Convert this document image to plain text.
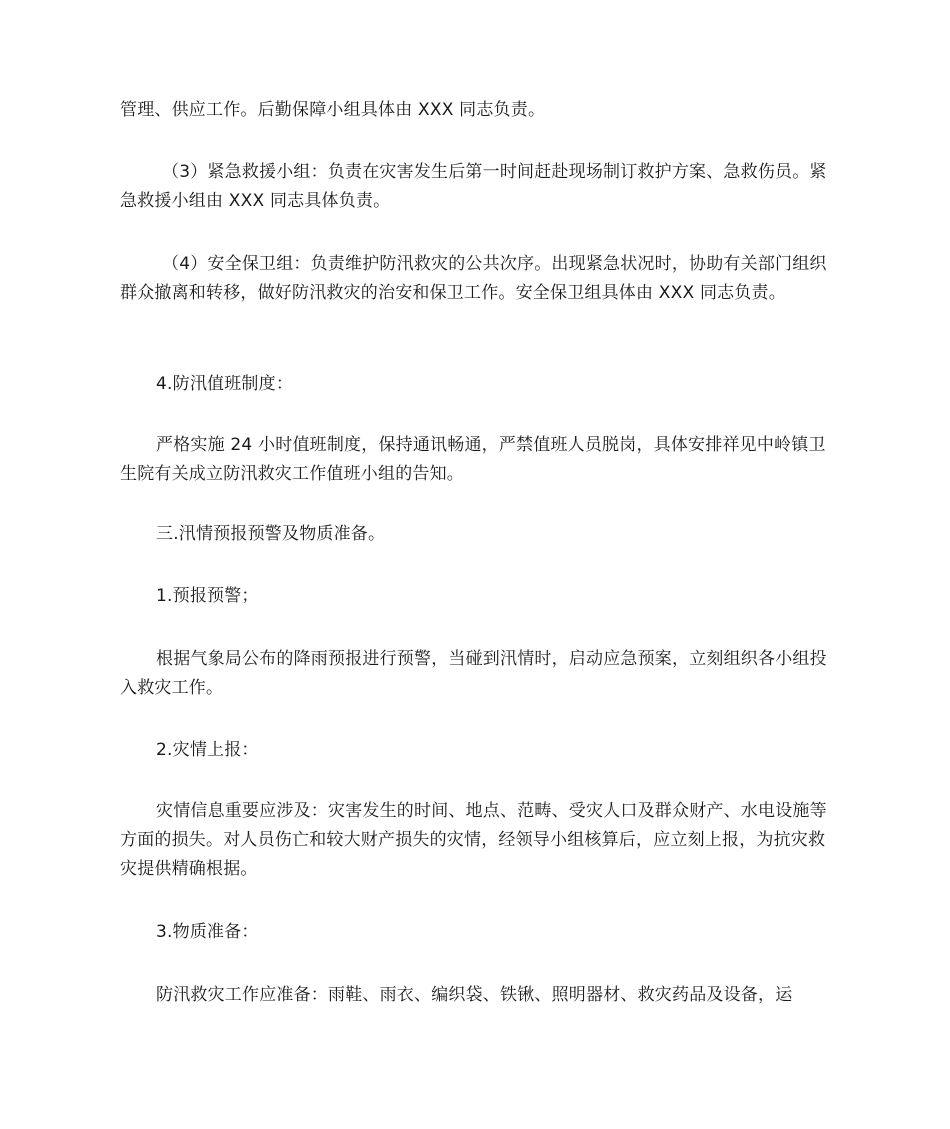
管理、供应工作。后勤保障小组具体由 XXX 同志负责。

（3）紧急救援小组：负责在灾害发生后第一时间赶赴现场制订救护方案、急救伤员。紧急救援小组由 XXX 同志具体负责。

（4）安全保卫组：负责维护防汛救灾的公共次序。出现紧急状况时，协助有关部门组织群众撤离和转移，做好防汛救灾的治安和保卫工作。安全保卫组具体由 XXX 同志负责。

4.防汛值班制度：

严格实施 24 小时值班制度，保持通讯畅通，严禁值班人员脱岗，具体安排祥见中岭镇卫生院有关成立防汛救灾工作值班小组的告知。

三.汛情预报预警及物质准备。

1.预报预警；

根据气象局公布的降雨预报进行预警，当碰到汛情时，启动应急预案，立刻组织各小组投入救灾工作。

2.灾情上报：

灾情信息重要应涉及：灾害发生的时间、地点、范畴、受灾人口及群众财产、水电设施等方面的损失。对人员伤亡和较大财产损失的灾情，经领导小组核算后，应立刻上报，为抗灾救灾提供精确根据。

3.物质准备：

防汛救灾工作应准备：雨鞋、雨衣、编织袋、铁锹、照明器材、救灾药品及设备，运
